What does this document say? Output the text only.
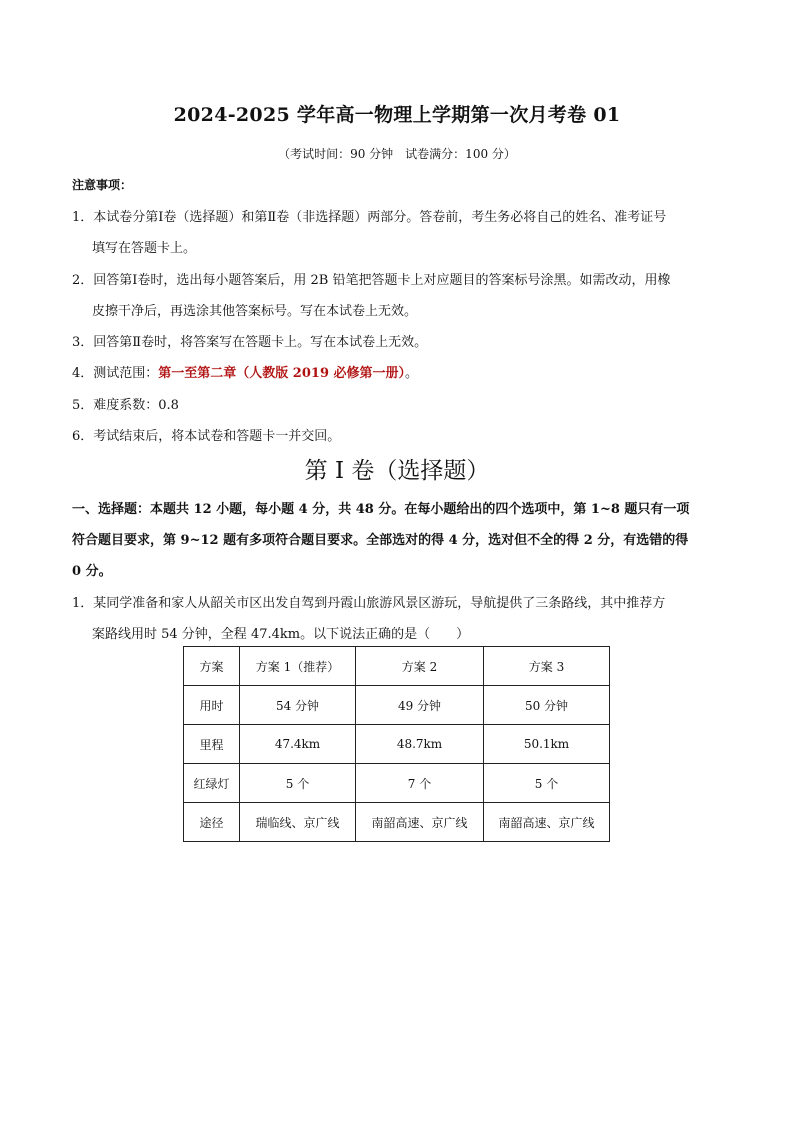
2024-2025 学年高一物理上学期第一次月考卷 01
（考试时间：90 分钟　试卷满分：100 分）
注意事项：
1．本试卷分第Ⅰ卷（选择题）和第Ⅱ卷（非选择题）两部分。答卷前，考生务必将自己的姓名、准考证号
填写在答题卡上。
2．回答第Ⅰ卷时，选出每小题答案后，用 2B 铅笔把答题卡上对应题目的答案标号涂黑。如需改动，用橡
皮擦干净后，再选涂其他答案标号。写在本试卷上无效。
3．回答第Ⅱ卷时，将答案写在答题卡上。写在本试卷上无效。
4．测试范围：第一至第二章（人教版 2019 必修第一册）。
5．难度系数：0.8
6．考试结束后，将本试卷和答题卡一并交回。
第 I 卷（选择题）
一、选择题：本题共 12 小题，每小题 4 分，共 48 分。在每小题给出的四个选项中，第 1~8 题只有一项
符合题目要求，第 9~12 题有多项符合题目要求。全部选对的得 4 分，选对但不全的得 2 分，有选错的得
0 分。
1．某同学准备和家人从韶关市区出发自驾到丹霞山旅游风景区游玩，导航提供了三条路线，其中推荐方
案路线用时 54 分钟，全程 47.4km。以下说法正确的是（　　）
方案	方案 1（推荐）	方案 2	方案 3
用时	54 分钟	49 分钟	50 分钟
里程	47.4km	48.7km	50.1km
红绿灯	5 个	7 个	5 个
途径	瑞临线、京广线	南韶高速、京广线	南韶高速、京广线
